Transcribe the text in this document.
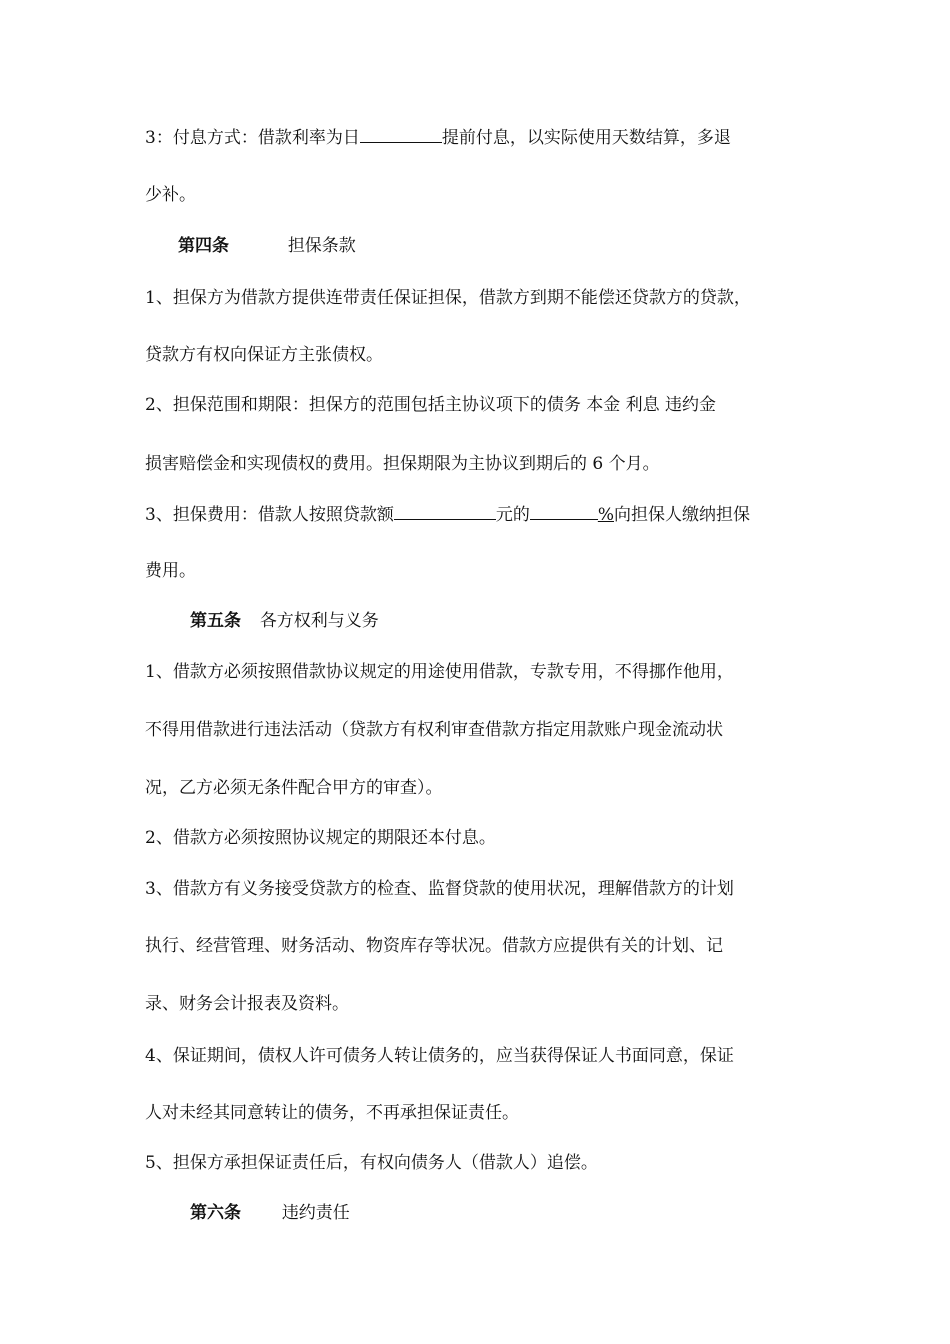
3：付息方式：借款利率为日	提前付息，以实际使用天数结算，多退
少补。
第四条	担保条款
1、担保方为借款方提供连带责任保证担保，借款方到期不能偿还贷款方的贷款，
贷款方有权向保证方主张债权。
2、担保范围和期限：担保方的范围包括主协议项下的债务 本金 利息 违约金
损害赔偿金和实现债权的费用。担保期限为主协议到期后的 6 个月。
3、担保费用：借款人按照贷款额	元的	%向担保人缴纳担保
费用。
第五条 各方权利与义务
1、借款方必须按照借款协议规定的用途使用借款，专款专用，不得挪作他用，
不得用借款进行违法活动（贷款方有权利审查借款方指定用款账户现金流动状
况，乙方必须无条件配合甲方的审查）。
2、借款方必须按照协议规定的期限还本付息。
3、借款方有义务接受贷款方的检查、监督贷款的使用状况，理解借款方的计划
执行、经营管理、财务活动、物资库存等状况。借款方应提供有关的计划、记
录、财务会计报表及资料。
4、保证期间，债权人许可债务人转让债务的，应当获得保证人书面同意，保证
人对未经其同意转让的债务，不再承担保证责任。
5、担保方承担保证责任后，有权向债务人（借款人）追偿。
第六条 违约责任
